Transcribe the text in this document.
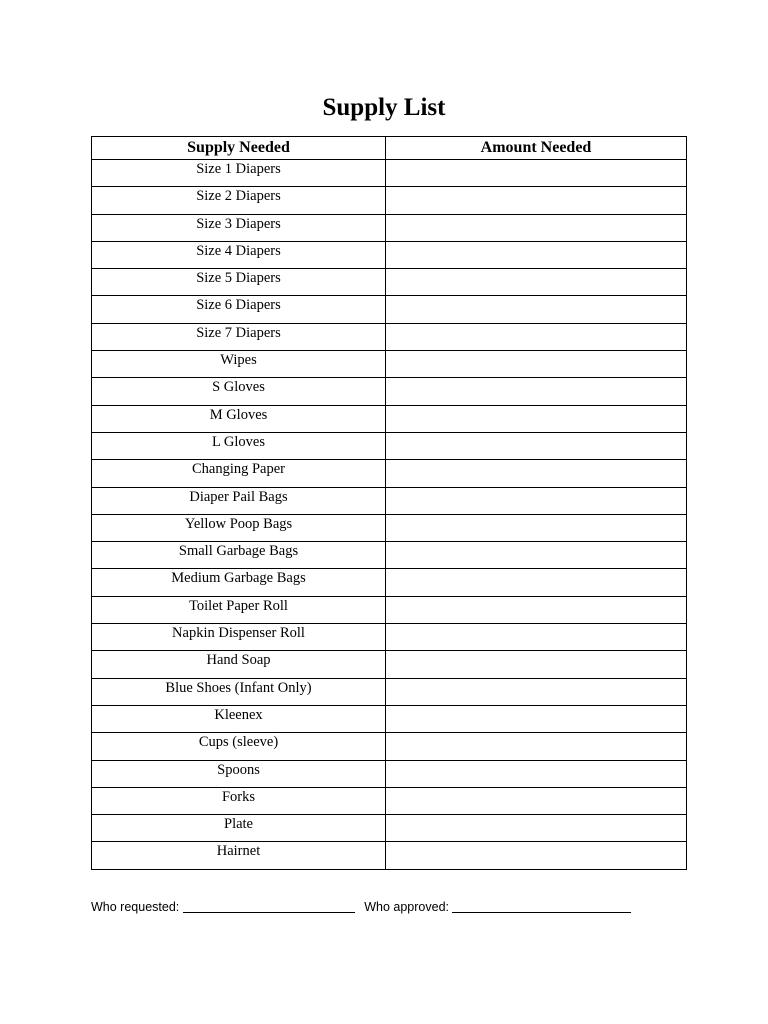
Supply List
Supply Needed	Amount Needed
Size 1 Diapers	
Size 2 Diapers	
Size 3 Diapers	
Size 4 Diapers	
Size 5 Diapers	
Size 6 Diapers	
Size 7 Diapers	
Wipes	
S Gloves	
M Gloves	
L Gloves	
Changing Paper	
Diaper Pail Bags	
Yellow Poop Bags	
Small Garbage Bags	
Medium Garbage Bags	
Toilet Paper Roll	
Napkin Dispenser Roll	
Hand Soap	
Blue Shoes (Infant Only)	
Kleenex	
Cups (sleeve)	
Spoons	
Forks	
Plate	
Hairnet	
Who requested:	Who approved:
